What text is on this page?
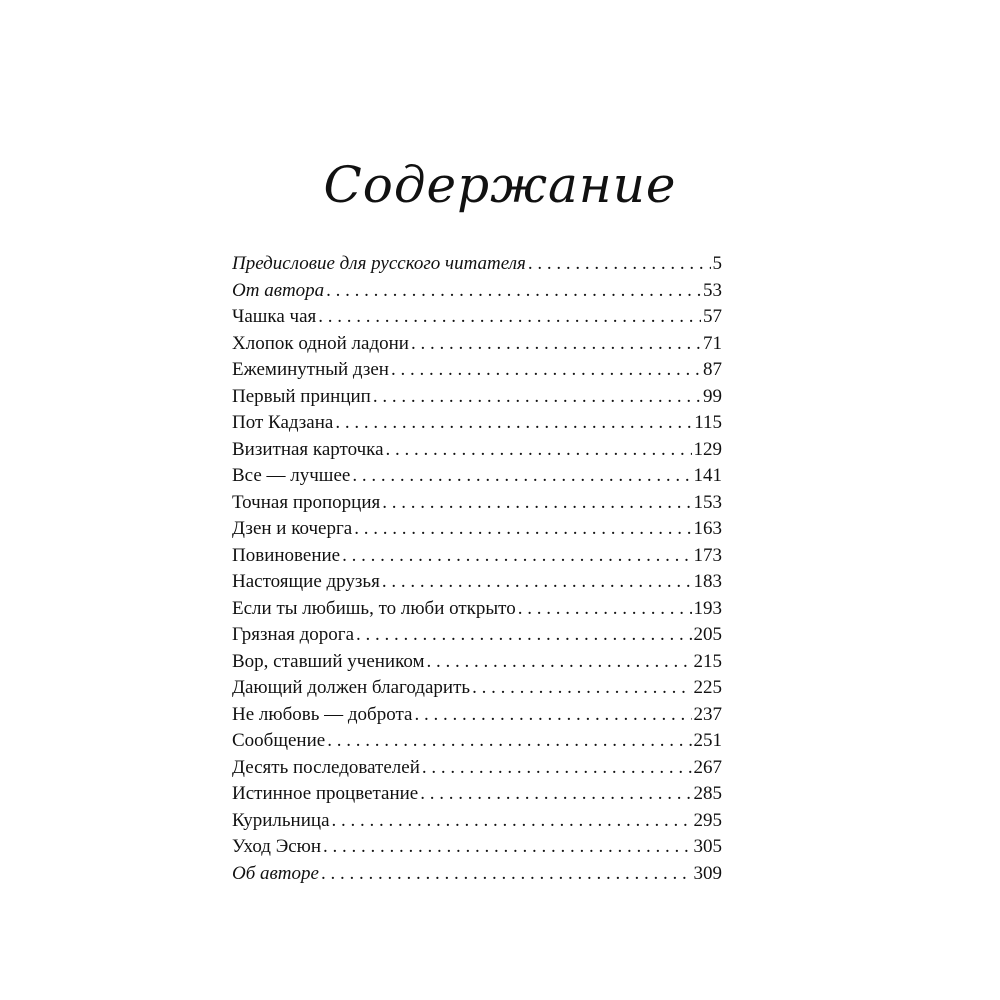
Содержание
Предисловие для русского читателя . . .	5
От автора . . .	53
Чашка чая . . .	57
Хлопок одной ладони . . .	71
Ежеминутный дзен . . .	87
Первый принцип . . .	99
Пот Кадзана . . .	115
Визитная карточка . . .	129
Все — лучшее . . .	141
Точная пропорция . . .	153
Дзен и кочерга . . .	163
Повиновение . . .	173
Настоящие друзья . . .	183
Если ты любишь, то люби открыто . . .	193
Грязная дорога . . .	205
Вор, ставший учеником . . .	215
Дающий должен благодарить . . .	225
Не любовь — доброта . . .	237
Сообщение . . .	251
Десять последователей . . .	267
Истинное процветание . . .	285
Курильница . . .	295
Уход Эсюн . . .	305
Об авторе . . .	309
